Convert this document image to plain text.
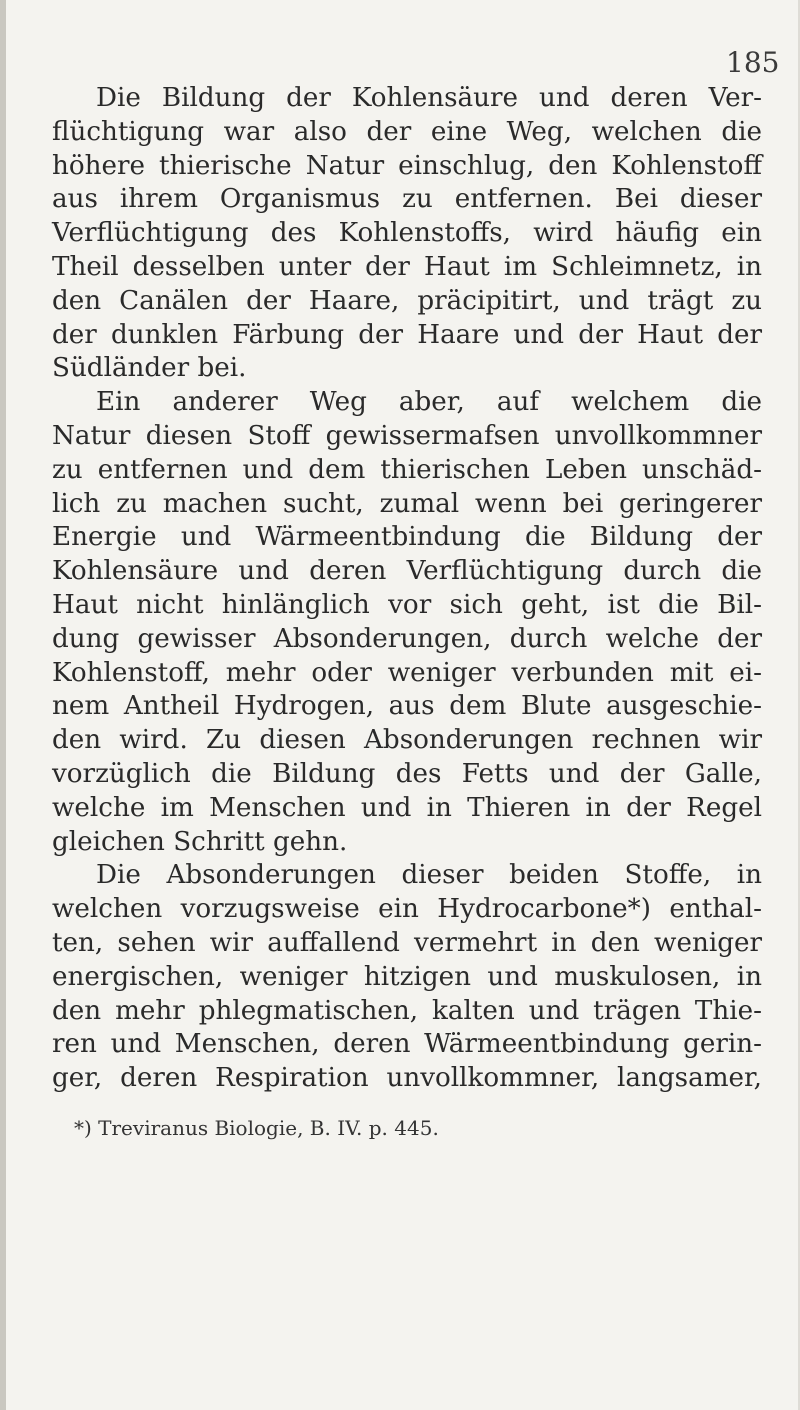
185
Die Bildung der Kohlensäure und deren Ver-
flüchtigung war also der eine Weg, welchen die
höhere thierische Natur einschlug, den Kohlenstoff
aus ihrem Organismus zu entfernen. Bei dieser
Verflüchtigung des Kohlenstoffs, wird häufig ein
Theil desselben unter der Haut im Schleimnetz, in
den Canälen der Haare, präcipitirt, und trägt zu
der dunklen Färbung der Haare und der Haut der
Südländer bei.
Ein anderer Weg aber, auf welchem die
Natur diesen Stoff gewissermafsen unvollkommner
zu entfernen und dem thierischen Leben unschäd-
lich zu machen sucht, zumal wenn bei geringerer
Energie und Wärmeentbindung die Bildung der
Kohlensäure und deren Verflüchtigung durch die
Haut nicht hinlänglich vor sich geht, ist die Bil-
dung gewisser Absonderungen, durch welche der
Kohlenstoff, mehr oder weniger verbunden mit ei-
nem Antheil Hydrogen, aus dem Blute ausgeschie-
den wird. Zu diesen Absonderungen rechnen wir
vorzüglich die Bildung des Fetts und der Galle,
welche im Menschen und in Thieren in der Regel
gleichen Schritt gehn.
Die Absonderungen dieser beiden Stoffe, in
welchen vorzugsweise ein Hydrocarbone*) enthal-
ten, sehen wir auffallend vermehrt in den weniger
energischen, weniger hitzigen und muskulosen, in
den mehr phlegmatischen, kalten und trägen Thie-
ren und Menschen, deren Wärmeentbindung gerin-
ger, deren Respiration unvollkommner, langsamer,
*) Treviranus Biologie, B. IV. p. 445.
